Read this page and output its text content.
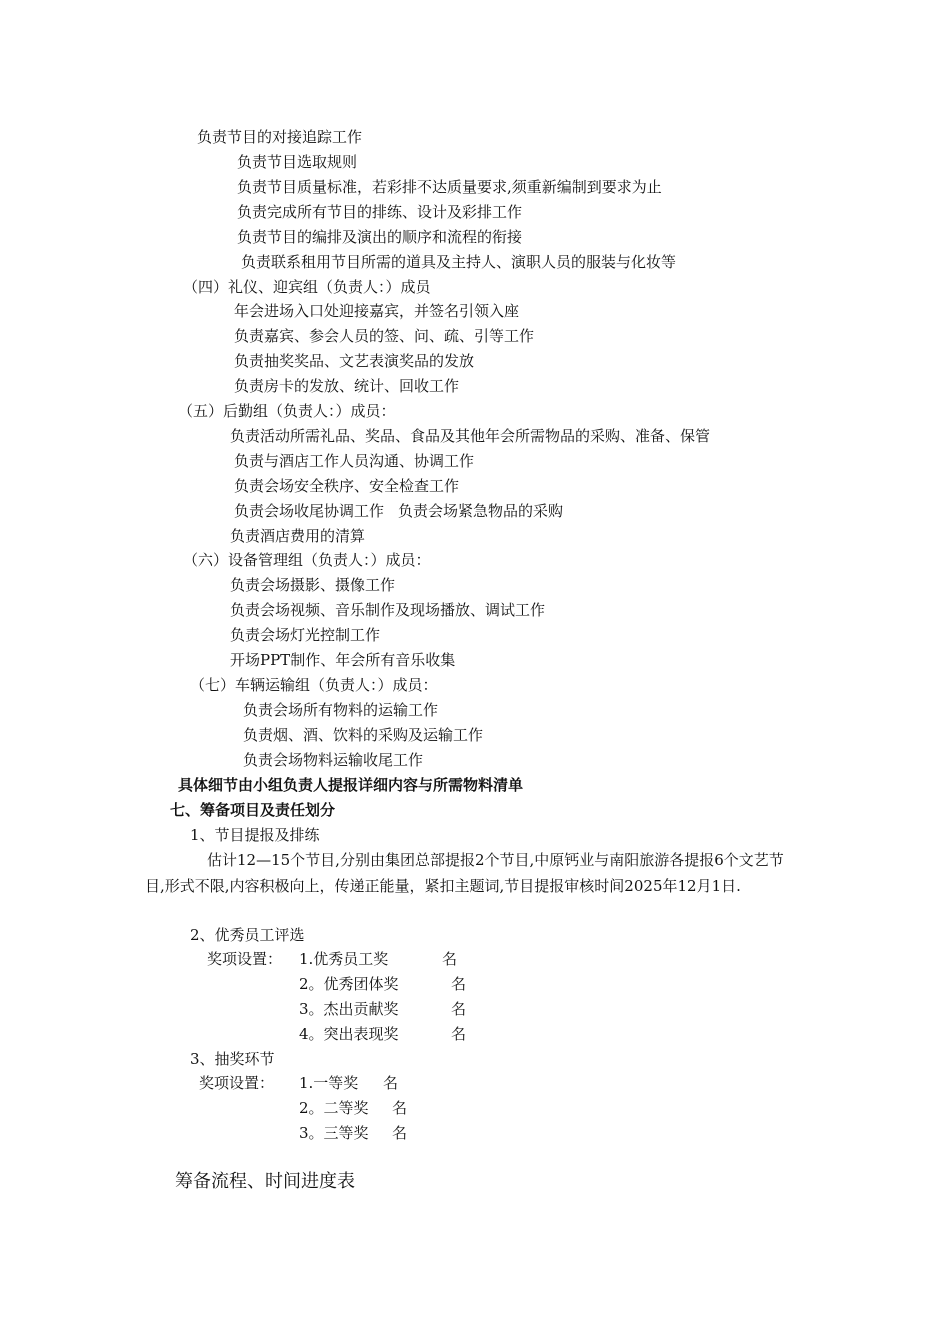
负责节目的对接追踪工作
负责节目选取规则
负责节目质量标准，若彩排不达质量要求,须重新编制到要求为止
负责完成所有节目的排练、设计及彩排工作
负责节目的编排及演出的顺序和流程的衔接
负责联系租用节目所需的道具及主持人、演职人员的服装与化妆等
（四）礼仪、迎宾组（负责人：）成员
年会进场入口处迎接嘉宾，并签名引领入座
负责嘉宾、参会人员的签、问、疏、引等工作
负责抽奖奖品、文艺表演奖品的发放
负责房卡的发放、统计、回收工作
（五）后勤组（负责人：）成员：
负责活动所需礼品、奖品、食品及其他年会所需物品的采购、准备、保管
负责与酒店工作人员沟通、协调工作
负责会场安全秩序、安全检查工作
负责会场收尾协调工作 负责会场紧急物品的采购
负责酒店费用的清算
（六）设备管理组（负责人：）成员：
负责会场摄影、摄像工作
负责会场视频、音乐制作及现场播放、调试工作
负责会场灯光控制工作
开场PPT制作、年会所有音乐收集
（七）车辆运输组（负责人：）成员：
负责会场所有物料的运输工作
负责烟、酒、饮料的采购及运输工作
负责会场物料运输收尾工作
具体细节由小组负责人提报详细内容与所需物料清单
七、筹备项目及责任划分
1、节目提报及排练
估计12—15个节目,分别由集团总部提报2个节目,中原钙业与南阳旅游各提报6个文艺节目,形式不限,内容积极向上，传递正能量，紧扣主题词,节目提报审核时间2025年12月1日.
2、优秀员工评选
奖项设置： 1.优秀员工奖	名
2。优秀团体奖	名
3。杰出贡献奖	名
4。突出表现奖	名
3、抽奖环节
奖项设置： 1.一等奖 名
2。二等奖 名
3。三等奖 名
筹备流程、时间进度表
